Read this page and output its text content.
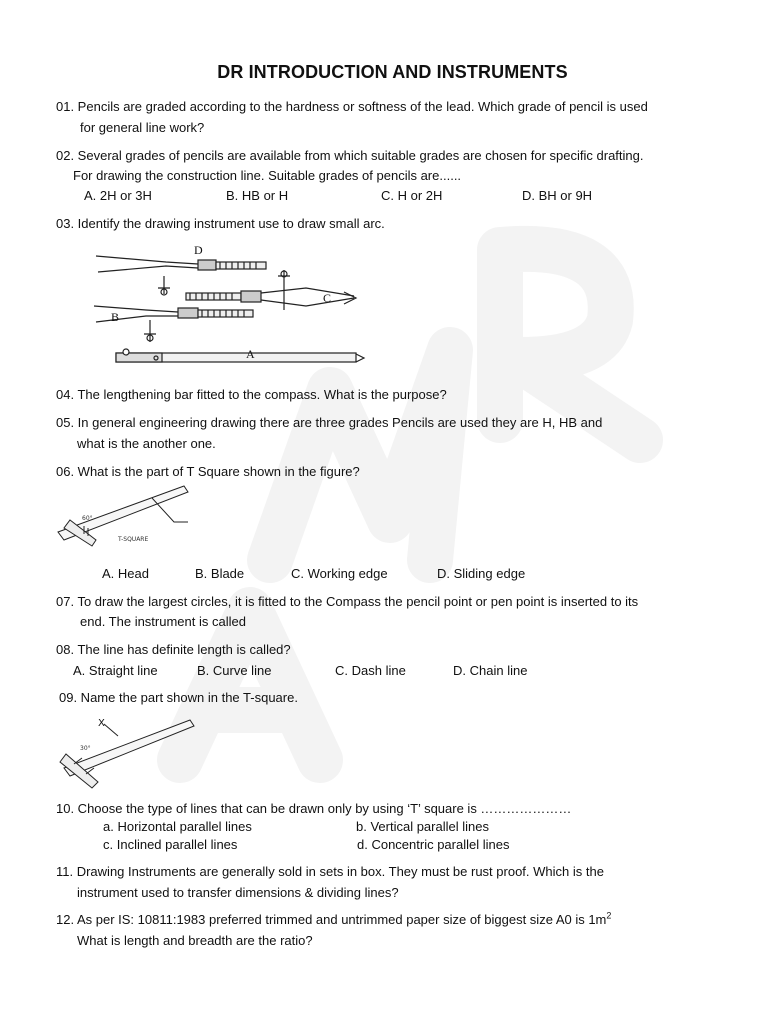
DR INTRODUCTION AND INSTRUMENTS
01. Pencils are graded according to the hardness or softness of the lead. Which grade of pencil is used
for general line work?
02. Several grades of pencils are available from which suitable grades are chosen for specific drafting.
For drawing the construction line. Suitable grades of pencils are......
A. 2H or 3H	B. HB or H	C. H or 2H	D. BH or 9H
03. Identify the drawing instrument use to draw small arc.
D
C
B
A
04. The lengthening bar fitted to the compass. What is the purpose?
05. In general engineering drawing there are three grades Pencils are used they are H, HB and
what is the another one.
06. What is the part of T Square shown in the figure?
60°
T-SQUARE
A. Head	B. Blade	C. Working edge	D. Sliding edge
07. To draw the largest circles, it is fitted to the Compass the pencil point or pen point is inserted to its
end. The instrument is called
08. The line has definite length is called?
A. Straight line	B. Curve line	C. Dash line	D. Chain line
09. Name the part shown in the T-square.
X
30°
10. Choose the type of lines that can be drawn only by using ‘T’ square is …………………
a. Horizontal parallel lines	b. Vertical parallel lines
c. Inclined parallel lines	d. Concentric parallel lines
11. Drawing Instruments are generally sold in sets in box. They must be rust proof. Which is the
instrument used to transfer dimensions & dividing lines?
12. As per IS: 10811:1983 preferred trimmed and untrimmed paper size of biggest size A0 is $1m^2$
What is length and breadth are the ratio?
